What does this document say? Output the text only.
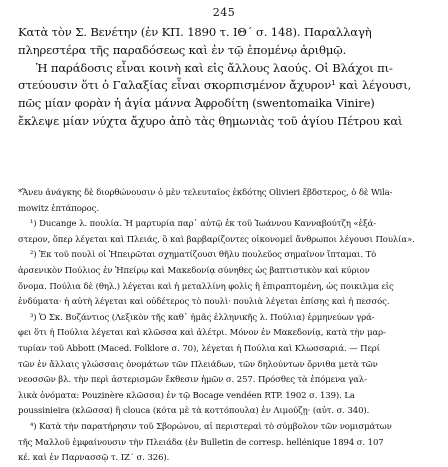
245
Κατὰ τὸν Σ. Βενέτην (ἐν ΚΠ. 1890 τ. ΙΘ΄ σ. 148). Παραλλαγὴ
πληρεστέρα τῆς παραδόσεως καὶ ἐν τῷ ἑπομένῳ ἀριθμῷ.
Ἡ παράδοσις εἶναι κοινὴ καὶ εἰς ἄλλους λαούς. Οἱ Βλάχοι πι-
στεύουσιν ὅτι ὁ Γαλαξίας εἶναι σκορπισμένον ἄχυρον¹ καὶ λέγουσι,
πῶς μίαν φορὰν ἡ ἁγία μάννα Ἀφροδίτη (swentomaika Vinire)
ἔκλεψε μίαν νύχτα ἄχυρο ἀπὸ τὰς θημωνιὰς τοῦ ἁγίου Πέτρου καὶ
*Ἄνευ ἀνάγκης δὲ διορθώνουσιν ὁ μὲν τελευταῖος ἐκδότης Olivieri ἕβδστερος, ὁ δὲ Wila-
mowitz ἐπτάπορος.
¹) Ducange λ. πουλία. Ἡ μαρτυρία παρ᾽ αὐτῷ ἐκ τοῦ Ἰωάννου Κανναβούτζη «ἑξά-
στερον, ὅπερ λέγεται καὶ Πλειάς, ὃ καὶ βαρβαρίζοντες οἰκονομεῖ ἄνθρωποι λέγουσι Πουλία».
²) Ἐκ τοῦ πουλὶ οἱ Ἠπειρῶται σχηματίζουσι θῆλυ πουλεῦος σημαῖνον ἴπταμαι. Τὸ
ἀρσενικὸν Πούλιος ἐν Ἠπείρῳ καὶ Μακεδονίᾳ σύνηθες ὡς βαπτιστικὸν καὶ κύριον
ὄνομα. Πούλια δὲ (θηλ.) λέγεται καὶ ἡ μεταλλίνη φολὶς ἢ ἐπιραπτομένη, ὡς ποικιλμα εἰς
ἐνδύματα· ἡ αὐτὴ λέγεται καὶ οὐδέτερος τὸ πουλὶ· πουλιὰ λέγεται ἐπίσης καὶ ἡ πεσσός.
³) Ὁ Σκ. Βυζάντιος (Λεξικὸν τῆς καθ᾽ ἡμᾶς ἑλληνικῆς λ. Πούλια) ἑρμηνεύων γρά-
φει ὅτι ἡ Πούλια λέγεται καὶ κλῶσσα καὶ ἀλέτρι. Μόνον ἐν Μακεδονίᾳ, κατὰ τὴν μαρ-
τυρίαν τοῦ Abbott (Maced. Folklore σ. 70), λέγεται ἡ Πούλια καὶ Κλωσσαριά. — Περί
τῶν ἐν ἄλλαις γλώσσαις ὀνομάτων τῶν Πλειάδων, τῶν δηλούντων ὄρνιθα μετὰ τῶν
νεοσσῶν βλ. τὴν περὶ ἀστερισμῶν ἔκθεσιν ἡμῶν σ. 257. Πρόσθες τὰ ἑπόμενα γαλ-
λικὰ ὀνόματα: Pouzinère κλῶσσα) ἐν τῷ Bocage vendéen RTP. 1902 σ. 139). La
poussinieira (κλῶσσα) ἢ clouca (κότα μὲ τὰ κοττόπουλα) ἐν Λιμούζῃ· (αὐτ. σ. 340).
⁴) Κατὰ τὴν παρατήρησιν τοῦ Σβορώνου, αἱ περιστεραὶ τὸ σύμβολον τῶν νομισμάτων
τῆς Μαλλοῦ ἐμφαίνουσιν τὴν Πλειάδα (ἐν Bulletin de corresp. hellénique 1894 σ. 107
κέ. καὶ ἐν Παρνασσῷ τ. ΙΖ΄ σ. 326).
